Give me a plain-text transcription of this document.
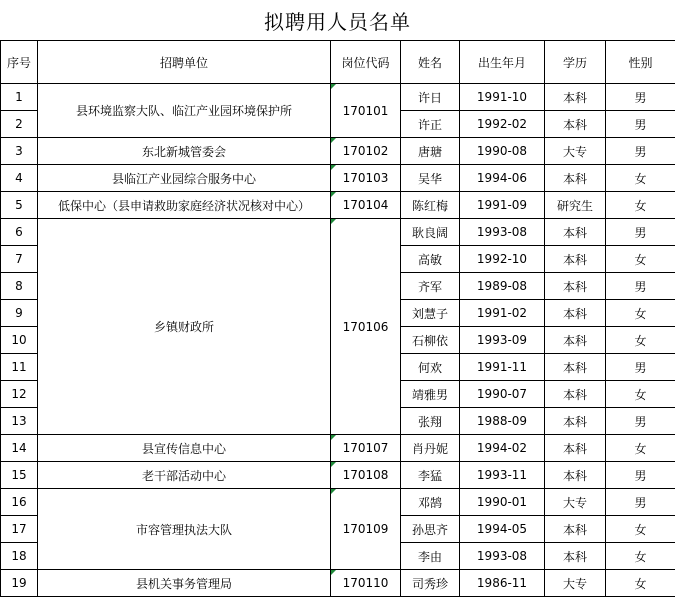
拟聘用人员名单
序号	招聘单位	岗位代码	姓名	出生年月	学历	性别
1	县环境监察大队、临江产业园环境保护所	170101	许日	1991-10	本科	男
2			许正	1992-02	本科	男
3	东北新城管委会	170102	唐瑭	1990-08	大专	男
4	县临江产业园综合服务中心	170103	吴华	1994-06	本科	女
5	低保中心（县申请救助家庭经济状况核对中心）	170104	陈红梅	1991-09	研究生	女
6	乡镇财政所	170106	耿良阔	1993-08	本科	男
7			高敏	1992-10	本科	女
8			齐军	1989-08	本科	男
9			刘慧子	1991-02	本科	女
10			石柳依	1993-09	本科	女
11			何欢	1991-11	本科	男
12			靖雅男	1990-07	本科	女
13			张翔	1988-09	本科	男
14	县宣传信息中心	170107	肖丹妮	1994-02	本科	女
15	老干部活动中心	170108	李猛	1993-11	本科	男
16	市容管理执法大队	170109	邓鹄	1990-01	大专	男
17			孙思齐	1994-05	本科	女
18			李由	1993-08	本科	女
19	县机关事务管理局	170110	司秀珍	1986-11	大专	女
